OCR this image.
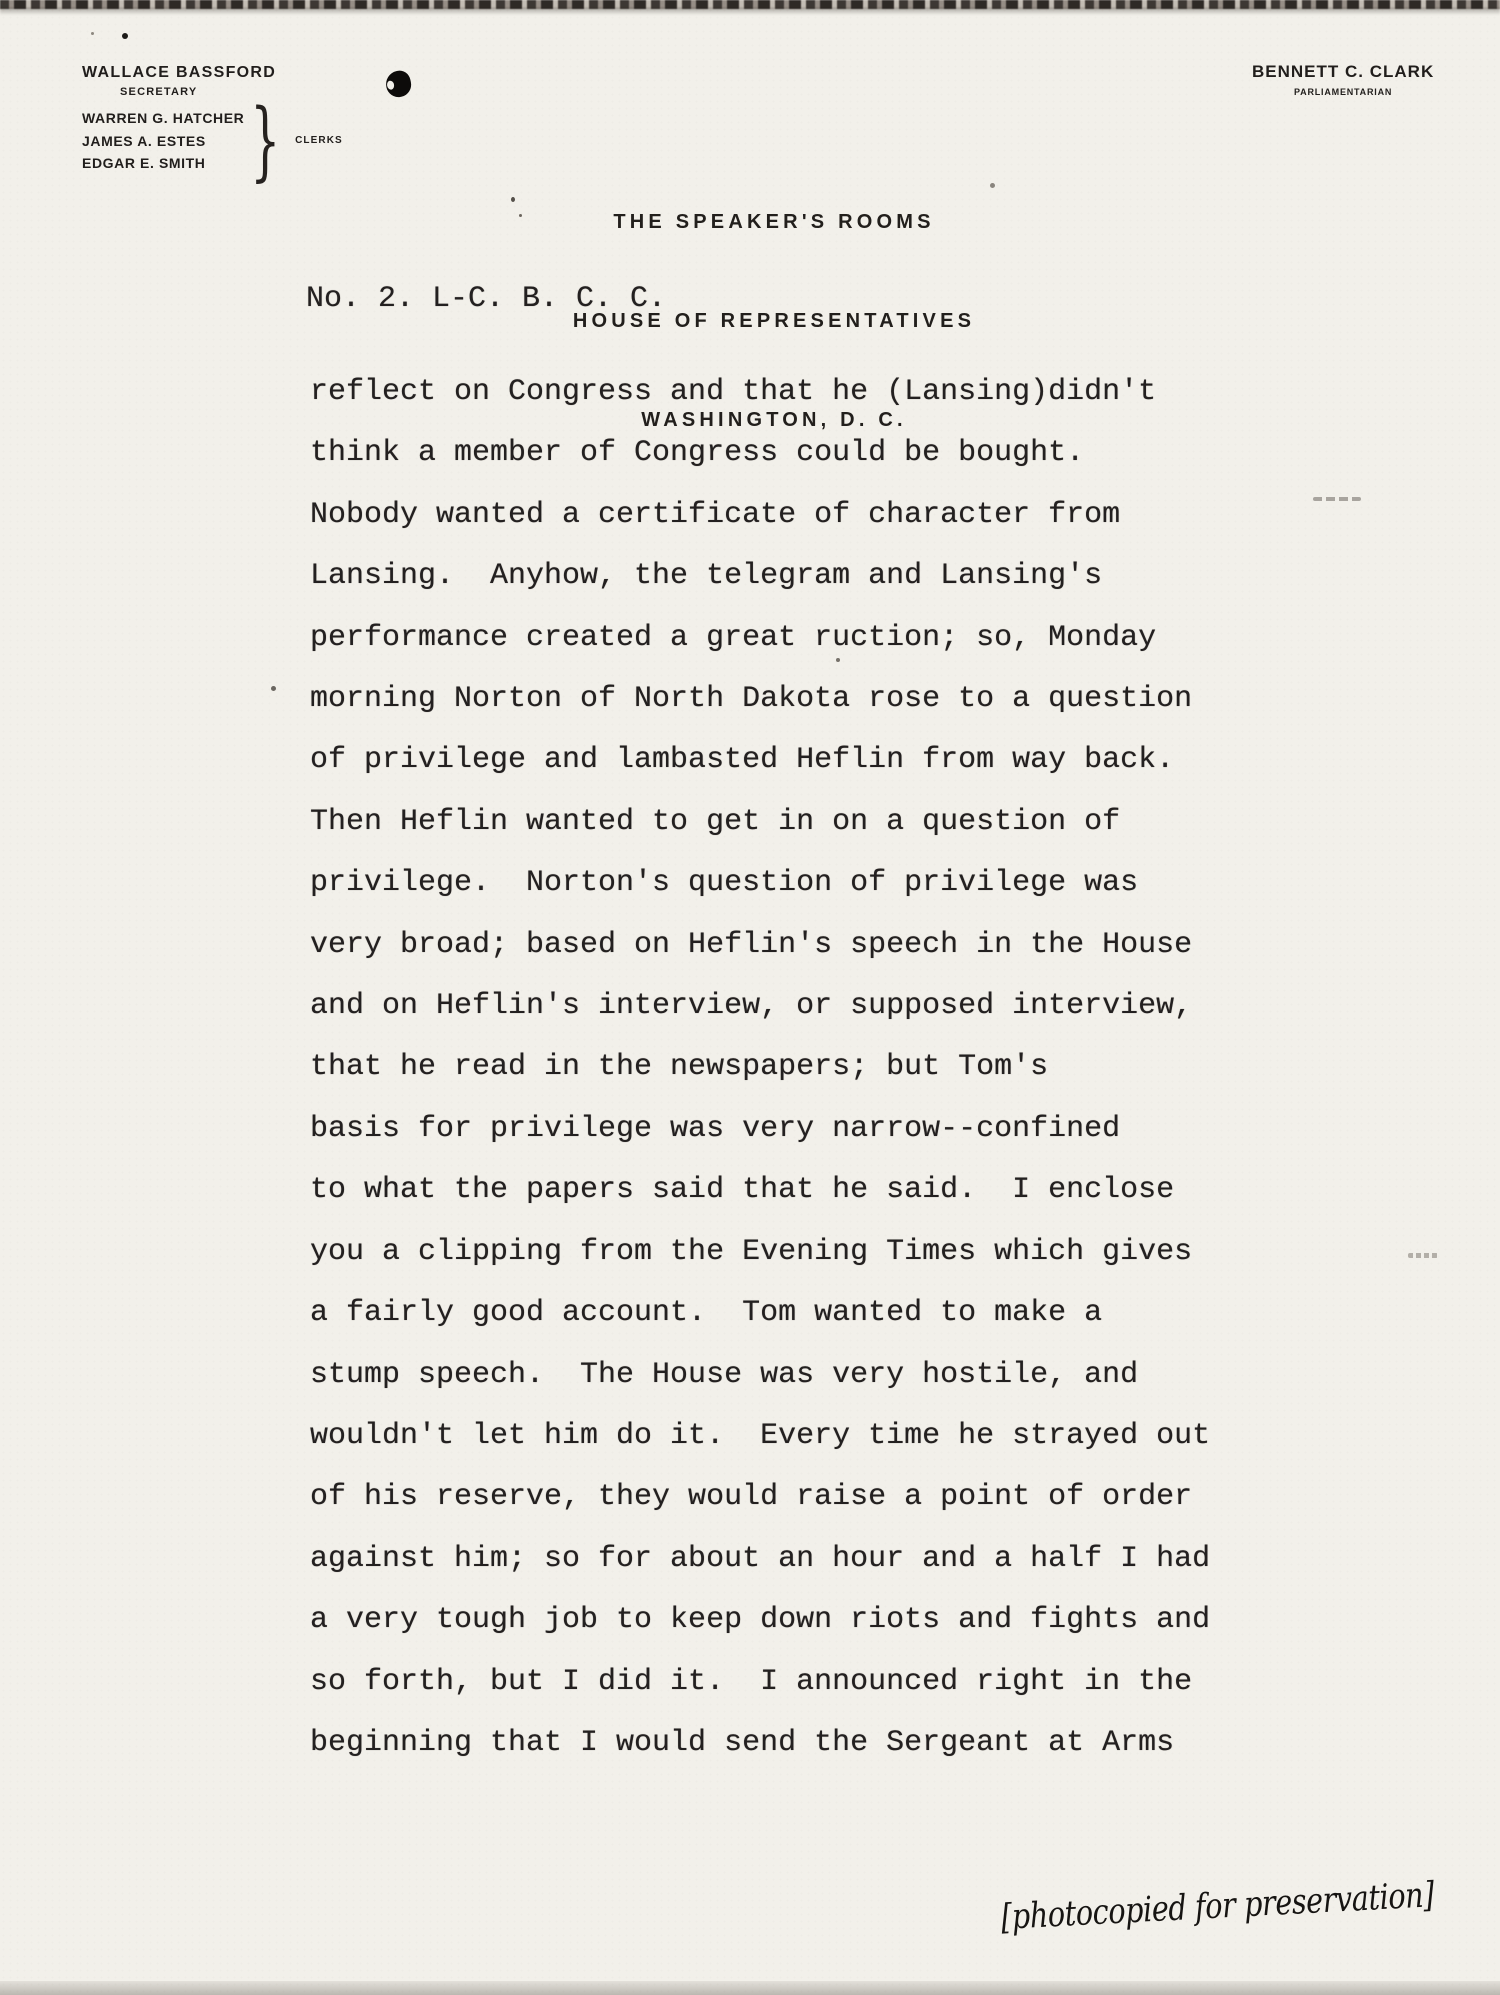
WALLACE BASSFORD
SECRETARY
WARREN G. HATCHER
JAMES A. ESTES
EDGAR E. SMITH } CLERKS

THE SPEAKER'S ROOMS

HOUSE OF REPRESENTATIVES

WASHINGTON, D. C.

BENNETT C. CLARK
PARLIAMENTARIAN
No. 2. L-C. B. C. C.
reflect on Congress and that he (Lansing)didn't
think a member of Congress could be bought.
Nobody wanted a certificate of character from
Lansing.  Anyhow, the telegram and Lansing's
performance created a great ruction; so, Monday
morning Norton of North Dakota rose to a question
of privilege and lambasted Heflin from way back.
Then Heflin wanted to get in on a question of
privilege.  Norton's question of privilege was
very broad; based on Heflin's speech in the House
and on Heflin's interview, or supposed interview,
that he read in the newspapers; but Tom's
basis for privilege was very narrow--confined
to what the papers said that he said.  I enclose
you a clipping from the Evening Times which gives
a fairly good account.  Tom wanted to make a
stump speech.  The House was very hostile, and
wouldn't let him do it.  Every time he strayed out
of his reserve, they would raise a point of order
against him; so for about an hour and a half I had
a very tough job to keep down riots and fights and
so forth, but I did it.  I announced right in the
beginning that I would send the Sergeant at Arms
[photocopied for preservation]
